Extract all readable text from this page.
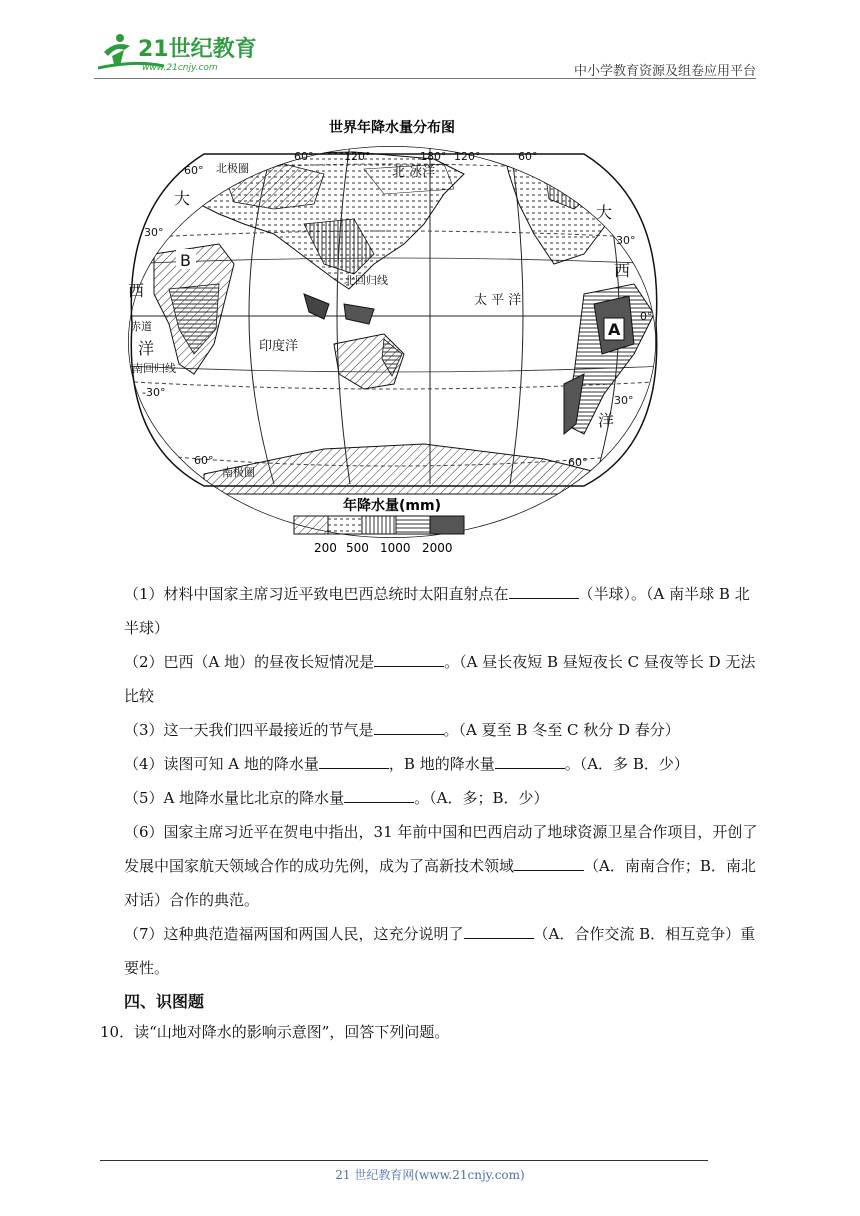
21世纪教育
www.21cnjy.com	中小学教育资源及组卷应用平台
世界年降水量分布图
北 冰洋
太 平 洋
印度洋
北回归线
南回归线
赤道
南极圈
北极圈
大
西
洋
大
西
洋
A
B
60°	120°	180° 120°	60°
30°
30°
0°
-30°
30°
60°
60°	60°
年降水量(mm)
200 500 1000 2000

（1）材料中国家主席习近平致电巴西总统时太阳直射点在	（半球）。（A 南半球 B 北半球）

（2）巴西（A 地）的昼夜长短情况是	。（A 昼长夜短 B 昼短夜长 C 昼夜等长 D 无法比较

（3）这一天我们四平最接近的节气是	。（A 夏至 B 冬至 C 秋分 D 春分）

（4）读图可知 A 地的降水量	，B 地的降水量	。（A．多 B．少）

（5）A 地降水量比北京的降水量	。（A．多；B．少）

（6）国家主席习近平在贺电中指出，31 年前中国和巴西启动了地球资源卫星合作项目，开创了发展中国家航天领域合作的成功先例，成为了高新技术领域	（A．南南合作；B．南北对话）合作的典范。

（7）这种典范造福两国和两国人民，这充分说明了	（A．合作交流 B．相互竞争）重要性。

四、识图题

10．读“山地对降水的影响示意图”，回答下列问题。

21 世纪教育网(www.21cnjy.com)
